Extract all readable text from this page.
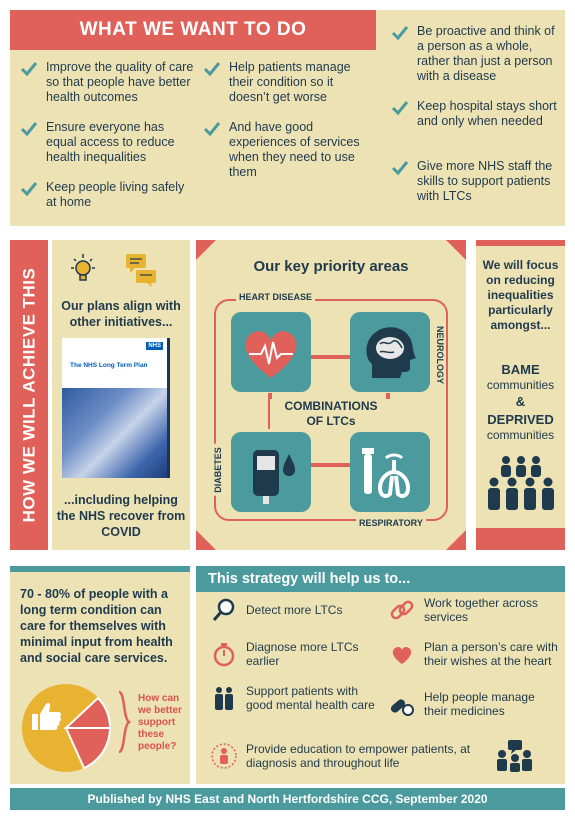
WHAT WE WANT TO DO
Improve the quality of care so that people have better health outcomes
Ensure everyone has equal access to reduce health inequalities
Keep people living safely at home
Help patients manage their condition so it doesn’t get worse
And have good experiences of services when they need to use them
Be proactive and think of a person as a whole, rather than just a person with a disease
Keep hospital stays short and only when needed
Give more NHS staff the skills to support patients with LTCs
HOW WE WILL ACHIEVE THIS	Our plans align with other initiatives...
NHS
The NHS Long Term Plan
...including helping the NHS recover from COVID
Our key priority areas
HEART DISEASE
NEUROLOGY
DIABETES
RESPIRATORY
COMBINATIONS
OF LTCs
We will focus on reducing inequalities particularly amongst...
BAME
communities
&
DEPRIVED
communities
70 - 80% of people with a long term condition can care for themselves with minimal input from health and social care services.
How can we better support these people?
This strategy will help us to...
Detect more LTCs
Diagnose more LTCs earlier
Support patients with good mental health care
Work together across services
Plan a person’s care with their wishes at the heart
Help people manage their medicines
Provide education to empower patients, at diagnosis and throughout life
Published by NHS East and North Hertfordshire CCG, September 2020
